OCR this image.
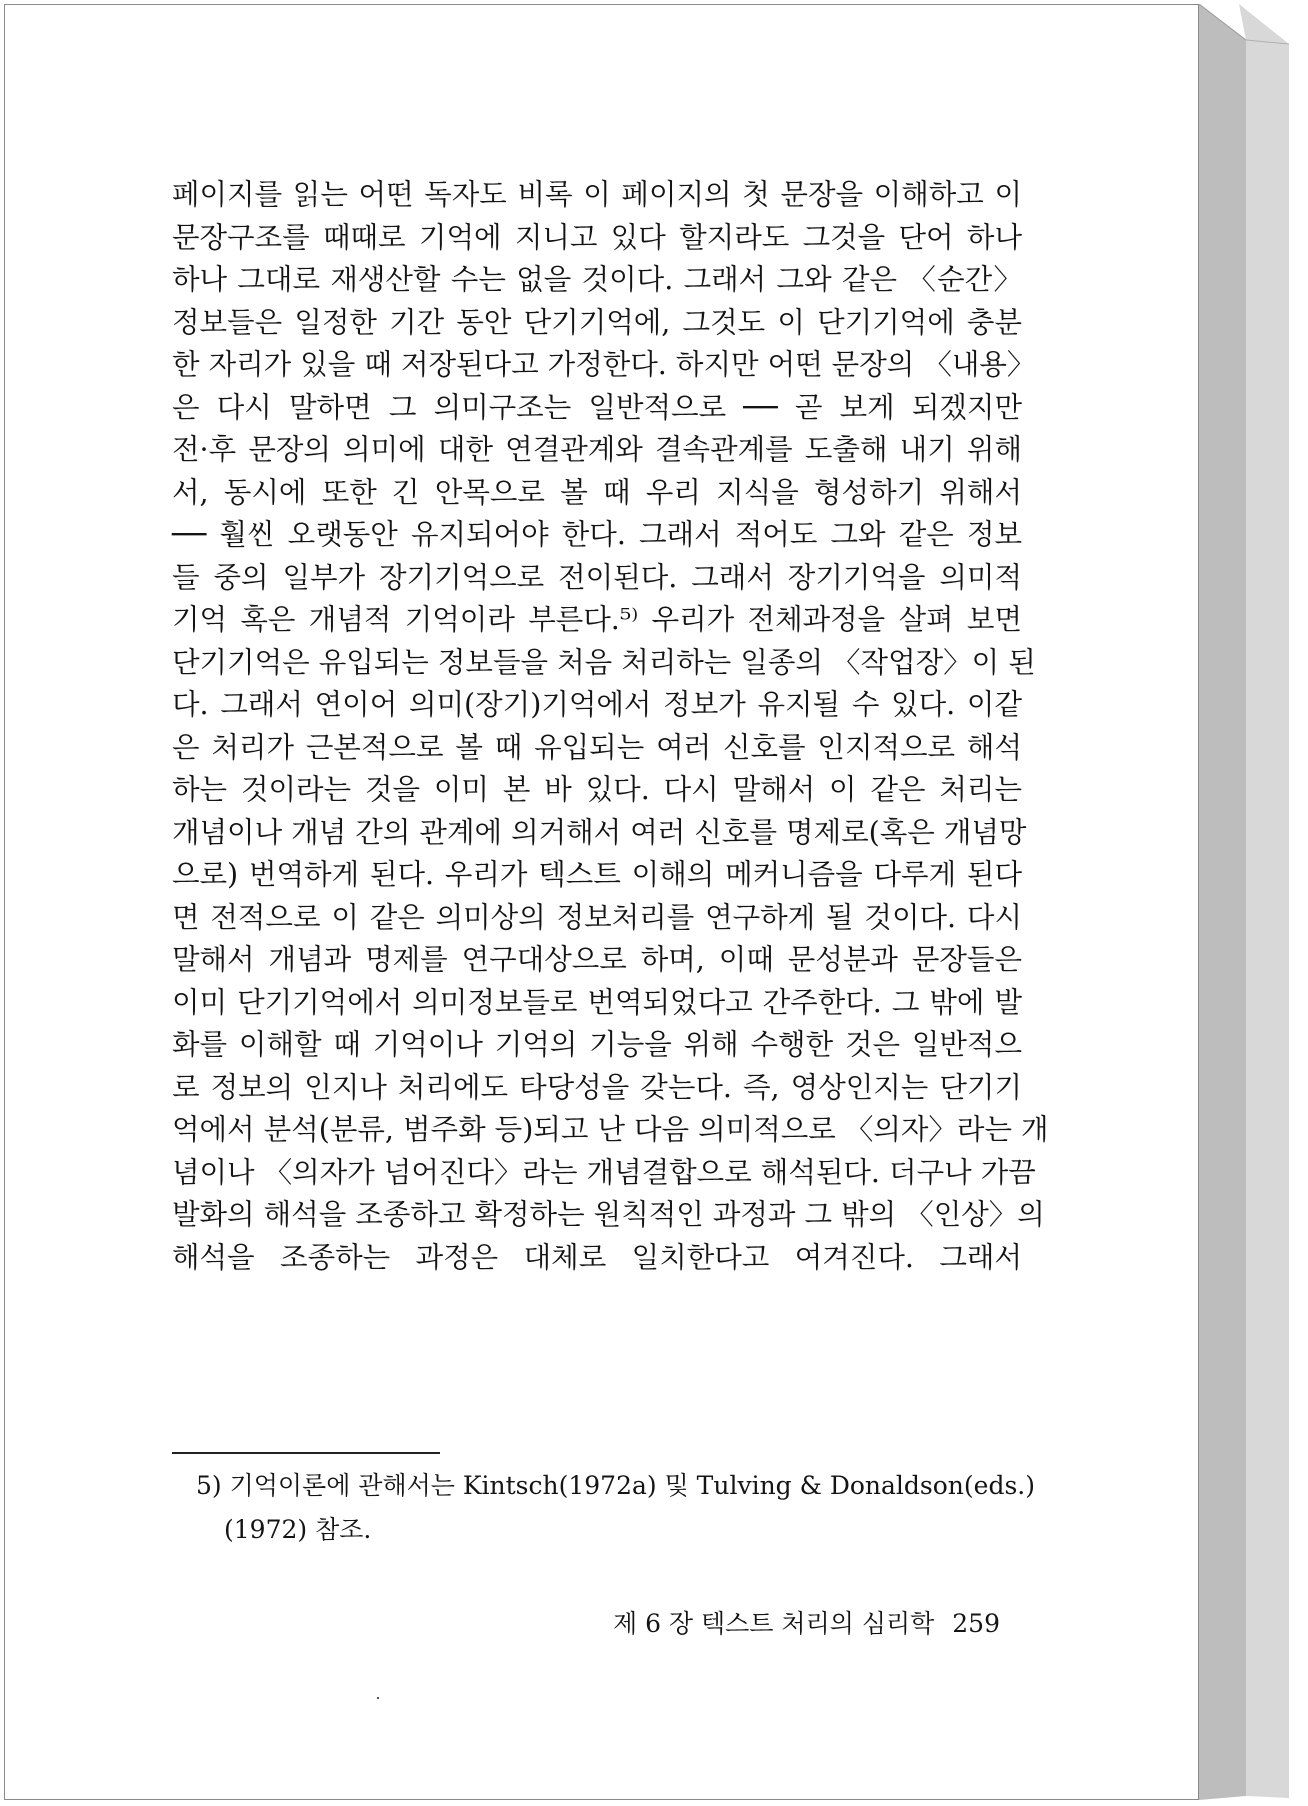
페이지를 읽는 어떤 독자도 비록 이 페이지의 첫 문장을 이해하고 이
문장구조를 때때로 기억에 지니고 있다 할지라도 그것을 단어 하나
하나 그대로 재생산할 수는 없을 것이다. 그래서 그와 같은 〈순간〉
정보들은 일정한 기간 동안 단기기억에, 그것도 이 단기기억에 충분
한 자리가 있을 때 저장된다고 가정한다. 하지만 어떤 문장의 〈내용〉
은 다시 말하면 그 의미구조는 일반적으로 ── 곧 보게 되겠지만
전·후 문장의 의미에 대한 연결관계와 결속관계를 도출해 내기 위해
서, 동시에 또한 긴 안목으로 볼 때 우리 지식을 형성하기 위해서
── 훨씬 오랫동안 유지되어야 한다. 그래서 적어도 그와 같은 정보
들 중의 일부가 장기기억으로 전이된다. 그래서 장기기억을 의미적
기억 혹은 개념적 기억이라 부른다.⁵⁾ 우리가 전체과정을 살펴 보면
단기기억은 유입되는 정보들을 처음 처리하는 일종의 〈작업장〉이 된
다. 그래서 연이어 의미(장기)기억에서 정보가 유지될 수 있다. 이같
은 처리가 근본적으로 볼 때 유입되는 여러 신호를 인지적으로 해석
하는 것이라는 것을 이미 본 바 있다. 다시 말해서 이 같은 처리는
개념이나 개념 간의 관계에 의거해서 여러 신호를 명제로(혹은 개념망
으로) 번역하게 된다. 우리가 텍스트 이해의 메커니즘을 다루게 된다
면 전적으로 이 같은 의미상의 정보처리를 연구하게 될 것이다. 다시
말해서 개념과 명제를 연구대상으로 하며, 이때 문성분과 문장들은
이미 단기기억에서 의미정보들로 번역되었다고 간주한다. 그 밖에 발
화를 이해할 때 기억이나 기억의 기능을 위해 수행한 것은 일반적으
로 정보의 인지나 처리에도 타당성을 갖는다. 즉, 영상인지는 단기기
억에서 분석(분류, 범주화 등)되고 난 다음 의미적으로 〈의자〉라는 개
념이나 〈의자가 넘어진다〉라는 개념결합으로 해석된다. 더구나 가끔
발화의 해석을 조종하고 확정하는 원칙적인 과정과 그 밖의 〈인상〉의
해석을 조종하는 과정은 대체로 일치한다고 여겨진다. 그래서
5) 기억이론에 관해서는 Kintsch(1972a) 및 Tulving & Donaldson(eds.)
(1972) 참조.
제 6 장 텍스트 처리의 심리학 259
